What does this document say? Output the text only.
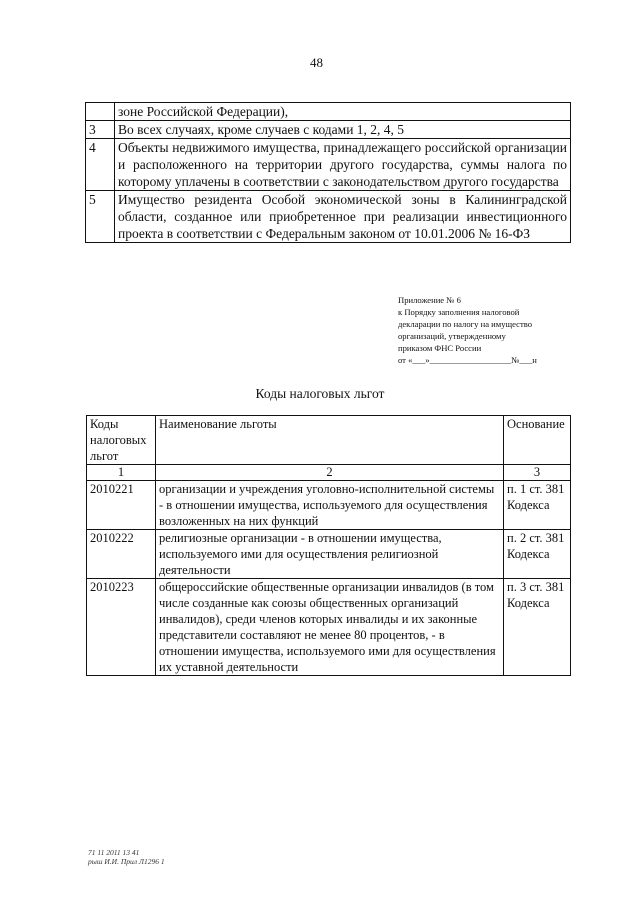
48
	зоне Российской Федерации),
3	Во всех случаях, кроме случаев с кодами 1, 2, 4, 5
4	Объекты недвижимого имущества, принадлежащего российской организации и расположенного на территории другого государства, суммы налога по которому уплачены в соответствии с законодательством другого государства
5	Имущество резидента Особой экономической зоны в Калининградской области, созданное или приобретенное при реализации инвестиционного проекта в соответствии с Федеральным законом от 10.01.2006 № 16-ФЗ
Приложение № 6
к Порядку заполнения налоговой
декларации по налогу на имущество
организаций, утвержденному
приказом ФНС России
от «___»___________________№___н
Коды налоговых льгот
Коды налоговых льгот	Наименование льготы	Основание
1	2	3
2010221	организации и учреждения уголовно-исполнительной системы - в отношении имущества, используемого для осуществления возложенных на них функций	п. 1 ст. 381 Кодекса
2010222	религиозные организации - в отношении имущества, используемого ими для осуществления религиозной деятельности	п. 2 ст. 381 Кодекса
2010223	общероссийские общественные организации инвалидов (в том числе созданные как союзы общественных организаций инвалидов), среди членов которых инвалиды и их законные представители составляют не менее 80 процентов, - в отношении имущества, используемого ими для осуществления их уставной деятельности	п. 3 ст. 381 Кодекса
71 11 2011 13 41
рыш И.И. Прил Л1296 1
